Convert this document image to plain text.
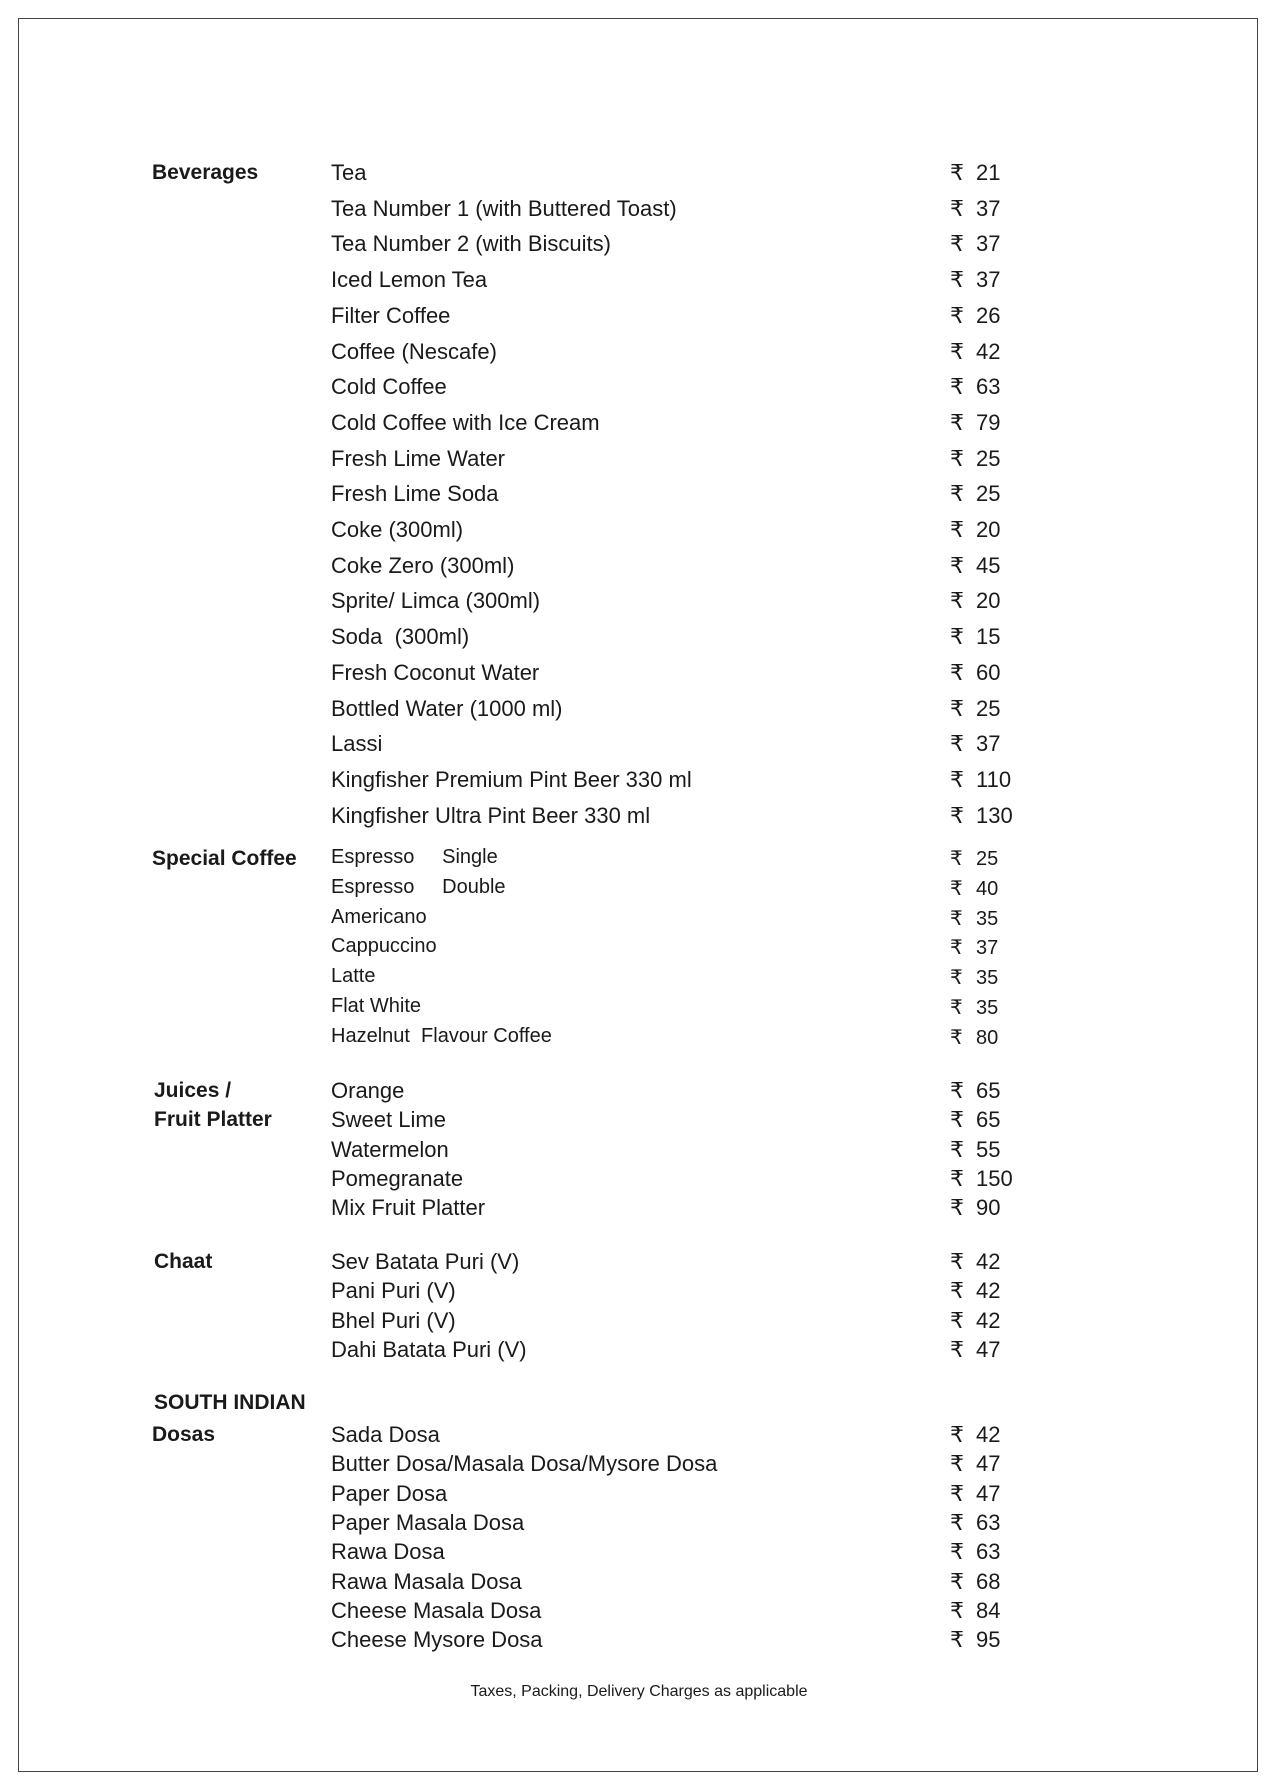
Beverages	Tea	₹ 21
Tea Number 1 (with Buttered Toast)	₹ 37
Tea Number 2 (with Biscuits)	₹ 37
Iced Lemon Tea	₹ 37
Filter Coffee	₹ 26
Coffee (Nescafe)	₹ 42
Cold Coffee	₹ 63
Cold Coffee with Ice Cream	₹ 79
Fresh Lime Water	₹ 25
Fresh Lime Soda	₹ 25
Coke (300ml)	₹ 20
Coke Zero (300ml)	₹ 45
Sprite/ Limca (300ml)	₹ 20
Soda  (300ml)	₹ 15
Fresh Coconut Water	₹ 60
Bottled Water (1000 ml)	₹ 25
Lassi	₹ 37
Kingfisher Premium Pint Beer 330 ml	₹ 110
Kingfisher Ultra Pint Beer 330 ml	₹ 130
Special Coffee Espresso     Single	₹ 25
Espresso     Double	₹ 40
Americano	₹ 35
Cappuccino	₹ 37
Latte	₹ 35
Flat White	₹ 35
Hazelnut  Flavour Coffee	₹ 80
Juices /
Fruit Platter
Orange	₹ 65
Sweet Lime	₹ 65
Watermelon	₹ 55
Pomegranate	₹ 150
Mix Fruit Platter	₹ 90
Chaat	Sev Batata Puri (V)	₹ 42
Pani Puri (V)	₹ 42
Bhel Puri (V)	₹ 42
Dahi Batata Puri (V)	₹ 47
SOUTH INDIAN
Dosas	Sada Dosa	₹ 42
Butter Dosa/Masala Dosa/Mysore Dosa	₹ 47
Paper Dosa	₹ 47
Paper Masala Dosa	₹ 63
Rawa Dosa	₹ 63
Rawa Masala Dosa	₹ 68
Cheese Masala Dosa	₹ 84
Cheese Mysore Dosa	₹ 95
Taxes, Packing, Delivery Charges as applicable
